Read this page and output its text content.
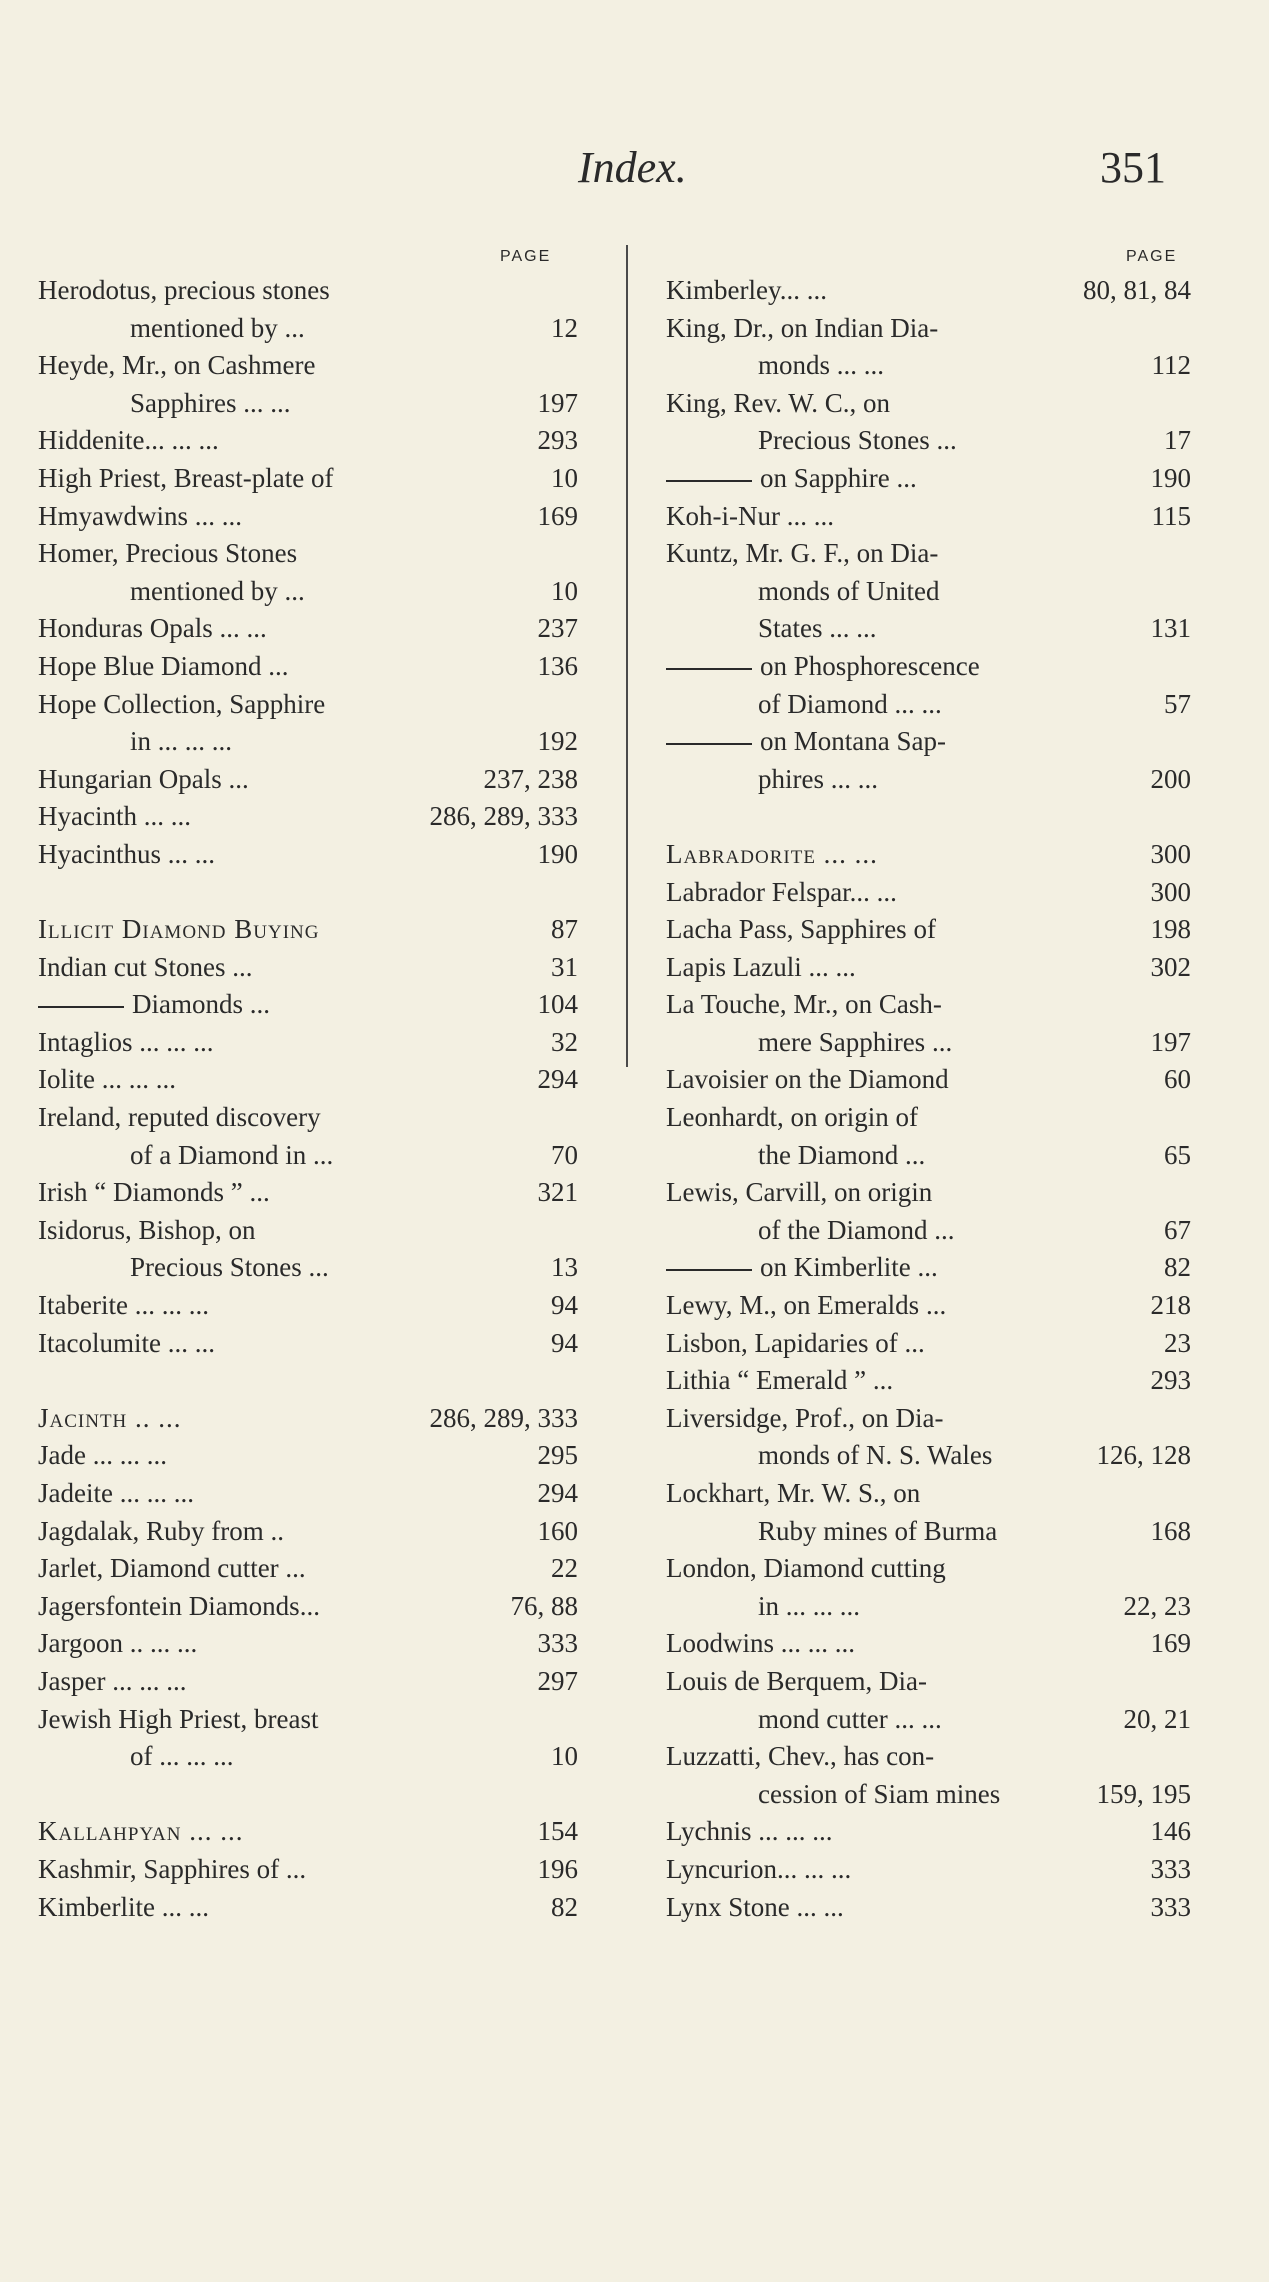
Index.	351
PAGE	PAGE
Herodotus, precious stones
mentioned by ...	12
Heyde, Mr., on Cashmere
Sapphires ... ...	197
Hiddenite... ... ...	293
High Priest, Breast-plate of	10
Hmyawdwins ... ...	169
Homer, Precious Stones
mentioned by ...	10
Honduras Opals ... ...	237
Hope Blue Diamond ...	136
Hope Collection, Sapphire
in ... ... ...	192
Hungarian Opals ...	237, 238
Hyacinth ... ...	286, 289, 333
Hyacinthus ... ...	190
Illicit Diamond Buying	87
Indian cut Stones ...	31
Diamonds ...	104
Intaglios ... ... ...	32
Iolite ... ... ...	294
Ireland, reputed discovery
of a Diamond in ...	70
Irish “ Diamonds ” ...	321
Isidorus, Bishop, on
Precious Stones ...	13
Itaberite ... ... ...	94
Itacolumite ... ...	94
Jacinth .. ...	286, 289, 333
Jade ... ... ...	295
Jadeite ... ... ...	294
Jagdalak, Ruby from ..	160
Jarlet, Diamond cutter ...	22
Jagersfontein Diamonds...	76, 88
Jargoon .. ... ...	333
Jasper ... ... ...	297
Jewish High Priest, breast
of ... ... ...	10
Kallahpyan ... ...	154
Kashmir, Sapphires of ...	196
Kimberlite ... ...	82
Kimberley... ...	80, 81, 84
King, Dr., on Indian Dia-
monds ... ...	112
King, Rev. W. C., on
Precious Stones ...	17
on Sapphire ...	190
Koh-i-Nur ... ...	115
Kuntz, Mr. G. F., on Dia-
monds of United
States ... ...	131
on Phosphorescence
of Diamond ... ...	57
on Montana Sap-
phires ... ...	200
Labradorite ... ...	300
Labrador Felspar... ...	300
Lacha Pass, Sapphires of	198
Lapis Lazuli ... ...	302
La Touche, Mr., on Cash-
mere Sapphires ...	197
Lavoisier on the Diamond	60
Leonhardt, on origin of
the Diamond ...	65
Lewis, Carvill, on origin
of the Diamond ...	67
on Kimberlite ...	82
Lewy, M., on Emeralds ...	218
Lisbon, Lapidaries of ...	23
Lithia “ Emerald ” ...	293
Liversidge, Prof., on Dia-
monds of N. S. Wales	126, 128
Lockhart, Mr. W. S., on
Ruby mines of Burma	168
London, Diamond cutting
in ... ... ...	22, 23
Loodwins ... ... ...	169
Louis de Berquem, Dia-
mond cutter ... ...	20, 21
Luzzatti, Chev., has con-
cession of Siam mines	159, 195
Lychnis ... ... ...	146
Lyncurion... ... ...	333
Lynx Stone ... ...	333
